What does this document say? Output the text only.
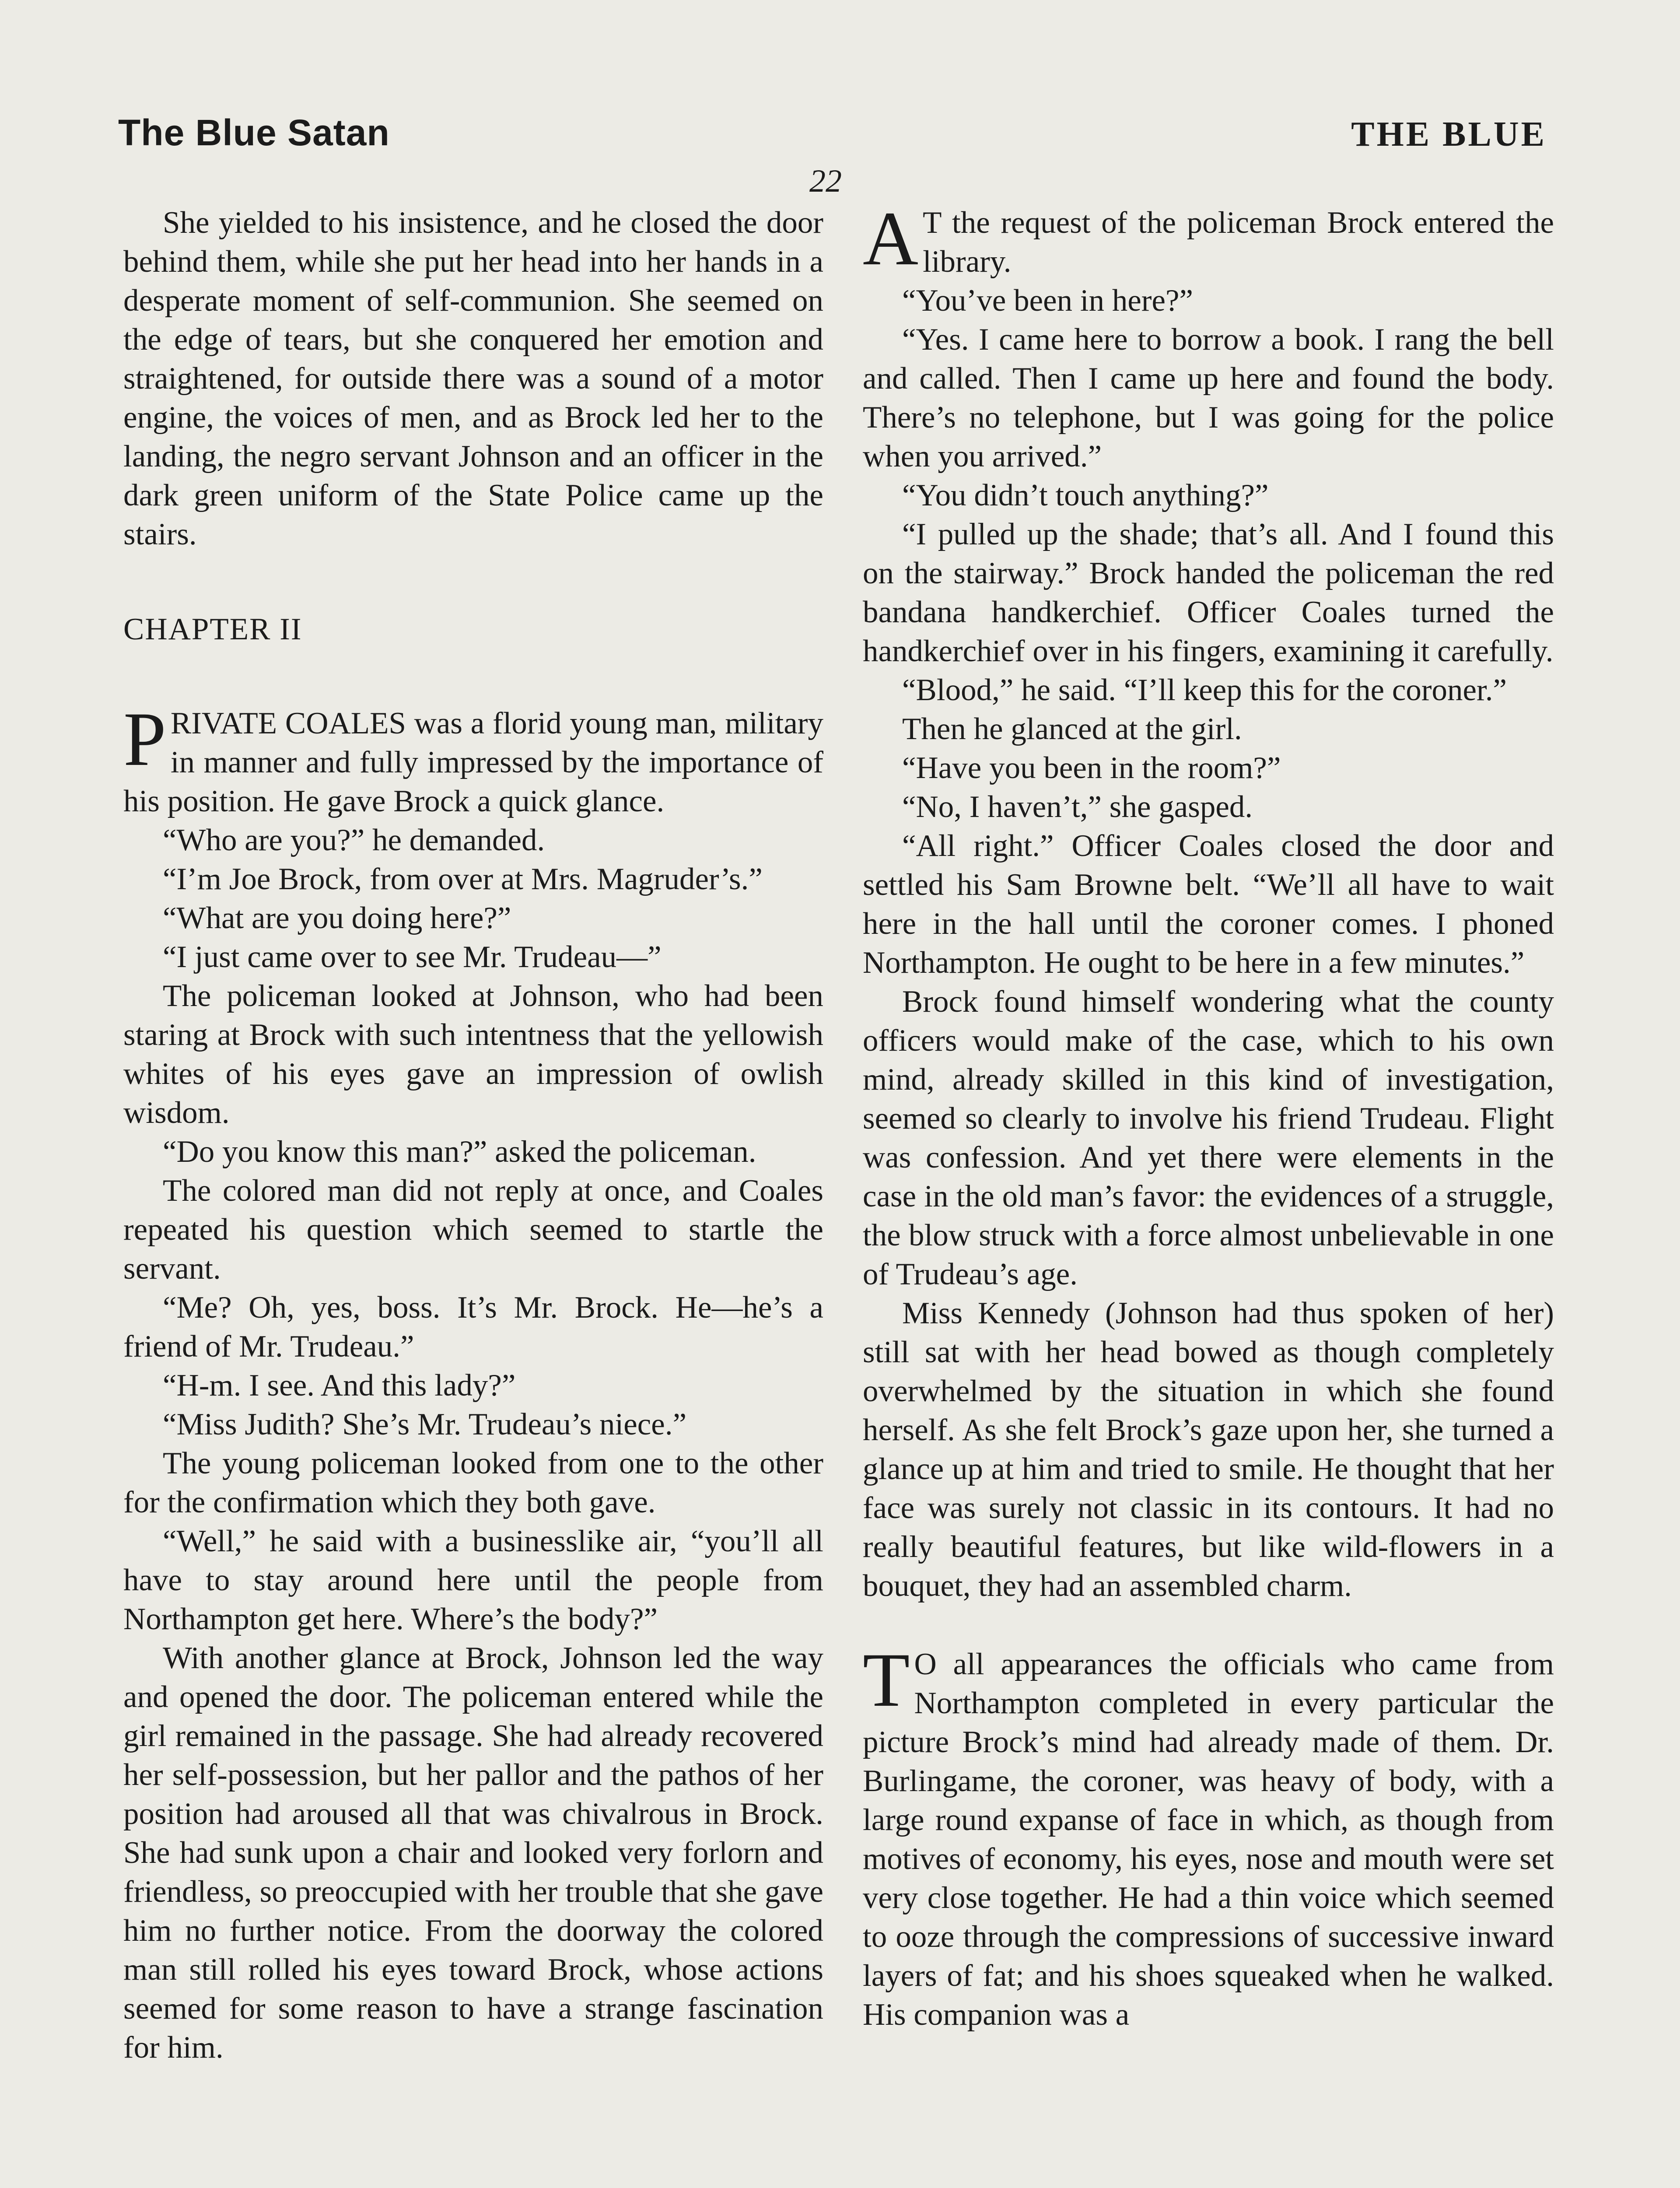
The Blue Satan	THE BLUE
22

She yielded to his insistence, and he closed the door behind them, while she put her head into her hands in a desperate moment of self-communion. She seemed on the edge of tears, but she conquered her emotion and straightened, for outside there was a sound of a motor engine, the voices of men, and as Brock led her to the landing, the negro servant Johnson and an officer in the dark green uniform of the State Police came up the stairs.

CHAPTER II

PRIVATE COALES was a florid young man, military in manner and fully impressed by the importance of his position. He gave Brock a quick glance.

“Who are you?” he demanded.

“I’m Joe Brock, from over at Mrs. Magruder’s.”

“What are you doing here?”

“I just came over to see Mr. Trudeau—”

The policeman looked at Johnson, who had been staring at Brock with such intentness that the yellowish whites of his eyes gave an impression of owlish wisdom.

“Do you know this man?” asked the policeman.

The colored man did not reply at once, and Coales repeated his question which seemed to startle the servant.

“Me? Oh, yes, boss. It’s Mr. Brock. He—he’s a friend of Mr. Trudeau.”

“H-m. I see. And this lady?”

“Miss Judith? She’s Mr. Trudeau’s niece.”

The young policeman looked from one to the other for the confirmation which they both gave.

“Well,” he said with a businesslike air, “you’ll all have to stay around here until the people from Northampton get here. Where’s the body?”

With another glance at Brock, Johnson led the way and opened the door. The policeman entered while the girl remained in the passage. She had already recovered her self-possession, but her pallor and the pathos of her position had aroused all that was chivalrous in Brock. She had sunk upon a chair and looked very forlorn and friendless, so preoccupied with her trouble that she gave him no further notice. From the doorway the colored man still rolled his eyes toward Brock, whose actions seemed for some reason to have a strange fascination for him.

A T the request of the policeman Brock entered the library.

“You’ve been in here?”

“Yes. I came here to borrow a book. I rang the bell and called. Then I came up here and found the body. There’s no telephone, but I was going for the police when you arrived.”

“You didn’t touch anything?”

“I pulled up the shade; that’s all. And I found this on the stairway.” Brock handed the policeman the red bandana handkerchief. Officer Coales turned the handkerchief over in his fingers, examining it carefully.

“Blood,” he said. “I’ll keep this for the coroner.”

Then he glanced at the girl.

“Have you been in the room?”

“No, I haven’t,” she gasped.

“All right.” Officer Coales closed the door and settled his Sam Browne belt. “We’ll all have to wait here in the hall until the coroner comes. I phoned Northampton. He ought to be here in a few minutes.”

Brock found himself wondering what the county officers would make of the case, which to his own mind, already skilled in this kind of investigation, seemed so clearly to involve his friend Trudeau. Flight was confession. And yet there were elements in the case in the old man’s favor: the evidences of a struggle, the blow struck with a force almost unbelievable in one of Trudeau’s age.

Miss Kennedy (Johnson had thus spoken of her) still sat with her head bowed as though completely overwhelmed by the situation in which she found herself. As she felt Brock’s gaze upon her, she turned a glance up at him and tried to smile. He thought that her face was surely not classic in its contours. It had no really beautiful features, but like wild-flowers in a bouquet, they had an assembled charm.

T O all appearances the officials who came from Northampton completed in every particular the picture Brock’s mind had already made of them. Dr. Burlingame, the coroner, was heavy of body, with a large round expanse of face in which, as though from motives of economy, his eyes, nose and mouth were set very close together. He had a thin voice which seemed to ooze through the compressions of successive inward layers of fat; and his shoes squeaked when he walked. His companion was a
